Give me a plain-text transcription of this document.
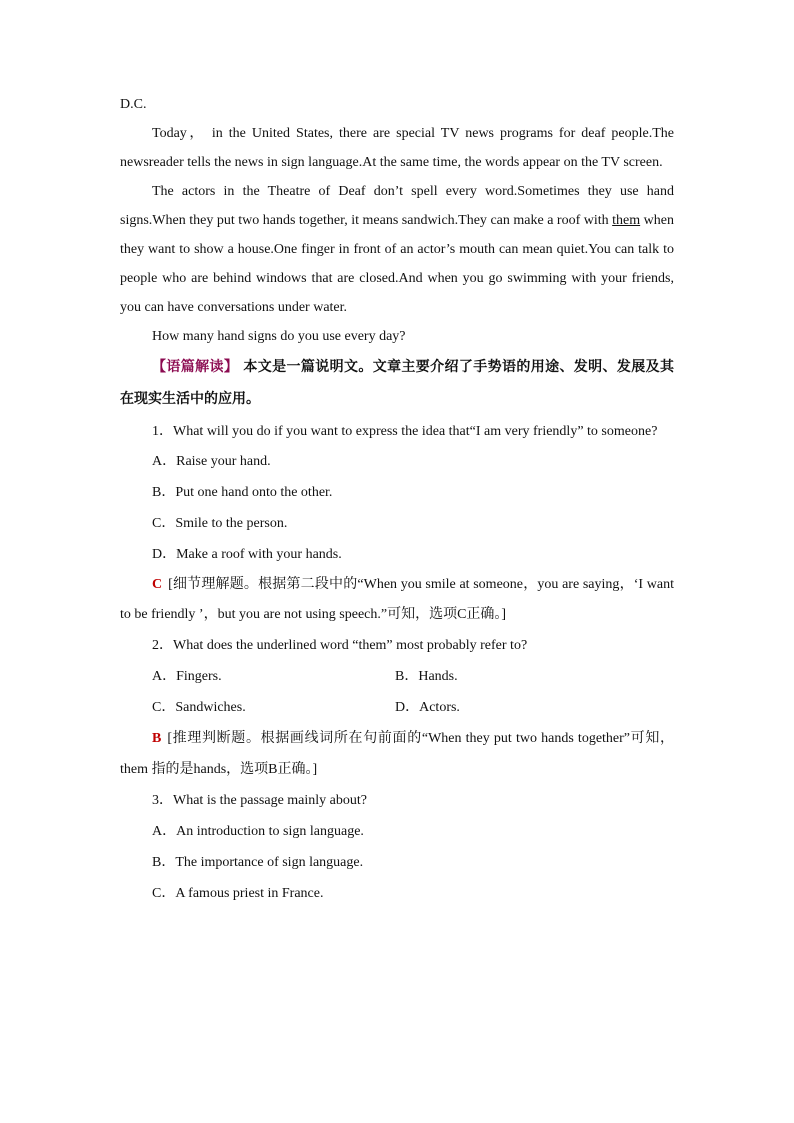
D.C.

Today， in the United States, there are special TV news programs for deaf people.The newsreader tells the news in sign language.At the same time, the words appear on the TV screen.

The actors in the Theatre of Deaf don’t spell every word.Sometimes they use hand signs.When they put two hands together, it means sandwich.They can make a roof with them when they want to show a house.One finger in front of an actor’s mouth can mean quiet.You can talk to people who are behind windows that are closed.And when you go swimming with your friends, you can have conversations under water.

How many hand signs do you use every day?

【语篇解读】 本文是一篇说明文。文章主要介绍了手势语的用途、发明、发展及其在现实生活中的应用。

1．What will you do if you want to express the idea that“I am very friendly” to someone?

A．Raise your hand.

B．Put one hand onto the other.

C．Smile to the person.

D．Make a roof with your hands.

C [细节理解题。根据第二段中的“When you smile at someone，you are saying，‘I want to be friendly ’，but you are not using speech.”可知，选项C正确。]

2．What does the underlined word “them” most probably refer to?

A．Fingers.	B．Hands.
C．Sandwiches.	D．Actors.

B [推理判断题。根据画线词所在句前面的“When they put two hands together”可知，them 指的是hands，选项B正确。]

3．What is the passage mainly about?

A．An introduction to sign language.

B．The importance of sign language.

C．A famous priest in France.
